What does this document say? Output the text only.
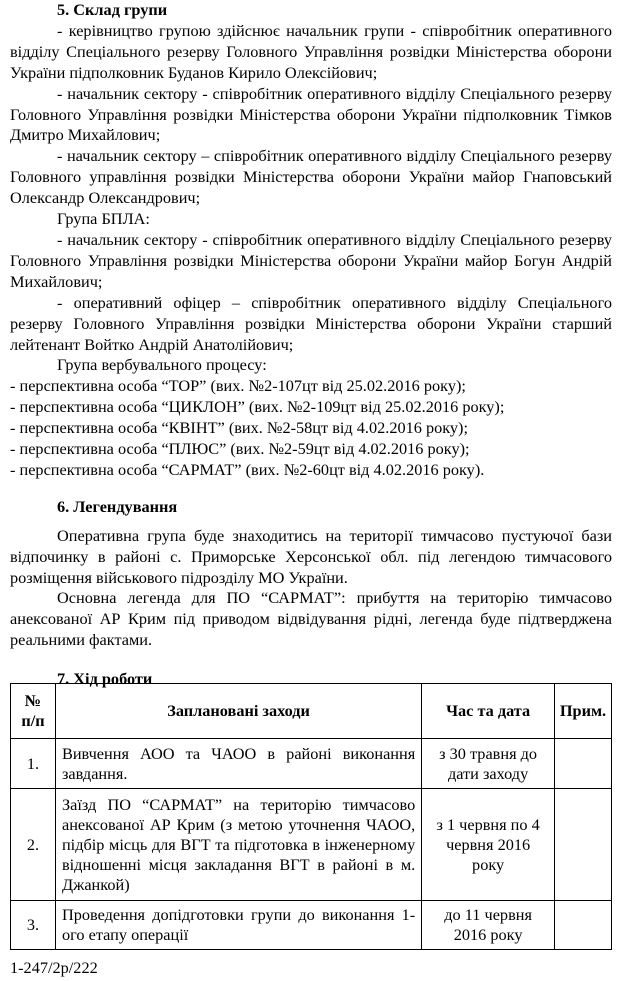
5. Склад групи

- керівництво групою здійснює начальник групи - співробітник оперативного відділу Спеціального резерву Головного Управління розвідки Міністерства оборони України підполковник Буданов Кирило Олексійович;

- начальник сектору - співробітник оперативного відділу Спеціального резерву Головного Управління розвідки Міністерства оборони України підполковник Тімков Дмитро Михайлович;

- начальник сектору – співробітник оперативного відділу Спеціального резерву Головного управління розвідки Міністерства оборони України майор Гнаповський Олександр Олександрович;

Група БПЛА:

- начальник сектору - співробітник оперативного відділу Спеціального резерву Головного Управління розвідки Міністерства оборони України майор Богун Андрій Михайлович;

- оперативний офіцер – співробітник оперативного відділу Спеціального резерву Головного Управління розвідки Міністерства оборони України старший лейтенант Войтко Андрій Анатолійович;

Група вербувального процесу:

- перспективна особа “TOP” (вих. №2-107цт від 25.02.2016 року);

- перспективна особа “ЦИКЛОН” (вих. №2-109цт від 25.02.2016 року);

- перспективна особа “КВІНТ” (вих. №2-58цт від 4.02.2016 року);

- перспективна особа “ПЛЮС” (вих. №2-59цт від 4.02.2016 року);

- перспективна особа “САРМАТ” (вих. №2-60цт від 4.02.2016 року).

6. Легендування

Оперативна група буде знаходитись на території тимчасово пустуючої бази відпочинку в районі с. Приморське Херсонської обл. під легендою тимчасового розміщення військового підрозділу МО України.

Основна легенда для ПО “САРМАТ”: прибуття на територію тимчасово анексованої АР Крим під приводом відвідування рідні, легенда буде підтверджена реальними фактами.

7. Хід роботи
№ п/п	Заплановані заходи	Час та дата	Прим.
1.	Вивчення АОО та ЧАОО в районі виконання завдання.	з 30 травня до дати заходу	
2.	Заїзд ПО “САРМАТ” на територію тимчасово анексованої АР Крим (з метою уточнення ЧАОО, підбір місць для ВГТ та підготовка в інженерному відношенні місця закладання ВГТ в районі в м. Джанкой)	з 1 червня по 4 червня 2016 року	
3.	Проведення допідготовки групи до виконання 1-ого етапу операції	до 11 червня 2016 року	
1-247/2р/222
